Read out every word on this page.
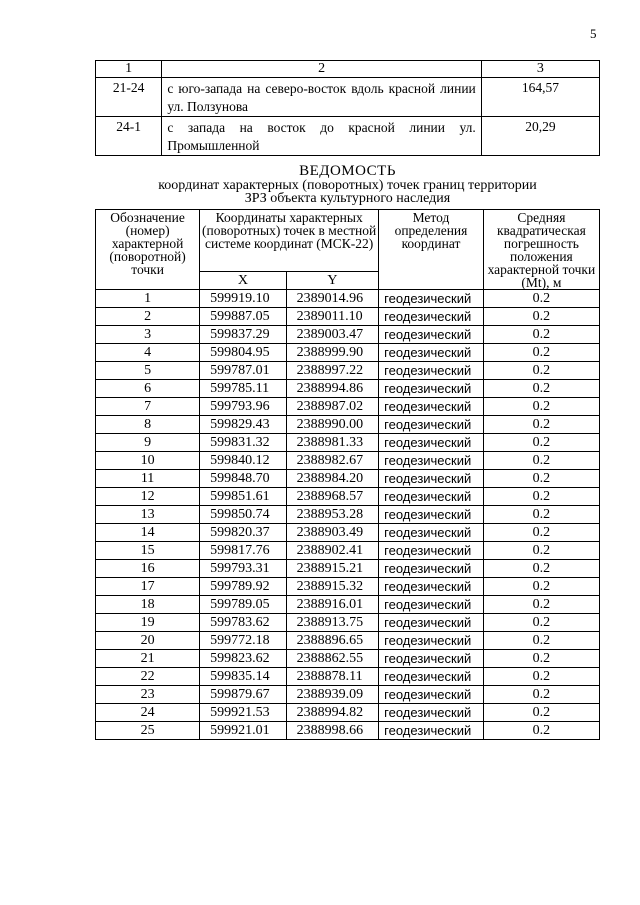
5
1	2	3
21-24	с юго-запада на северо-восток вдоль красной линии ул. Ползунова	164,57
24-1	с запада на восток до красной линии ул. Промышленной	20,29
ВЕДОМОСТЬ
координат характерных (поворотных) точек границ территории
ЗРЗ объекта культурного наследия
Обозначение (номер) характерной (поворотной) точки	Координаты характерных (поворотных) точек в местной системе координат (МСК-22)		Метод определения координат	Средняя квадратическая погрешность положения характерной точки (Mt), м
	X	Y		
1	599919.10	2389014.96	геодезический	0.2
2	599887.05	2389011.10	геодезический	0.2
3	599837.29	2389003.47	геодезический	0.2
4	599804.95	2388999.90	геодезический	0.2
5	599787.01	2388997.22	геодезический	0.2
6	599785.11	2388994.86	геодезический	0.2
7	599793.96	2388987.02	геодезический	0.2
8	599829.43	2388990.00	геодезический	0.2
9	599831.32	2388981.33	геодезический	0.2
10	599840.12	2388982.67	геодезический	0.2
11	599848.70	2388984.20	геодезический	0.2
12	599851.61	2388968.57	геодезический	0.2
13	599850.74	2388953.28	геодезический	0.2
14	599820.37	2388903.49	геодезический	0.2
15	599817.76	2388902.41	геодезический	0.2
16	599793.31	2388915.21	геодезический	0.2
17	599789.92	2388915.32	геодезический	0.2
18	599789.05	2388916.01	геодезический	0.2
19	599783.62	2388913.75	геодезический	0.2
20	599772.18	2388896.65	геодезический	0.2
21	599823.62	2388862.55	геодезический	0.2
22	599835.14	2388878.11	геодезический	0.2
23	599879.67	2388939.09	геодезический	0.2
24	599921.53	2388994.82	геодезический	0.2
25	599921.01	2388998.66	геодезический	0.2
